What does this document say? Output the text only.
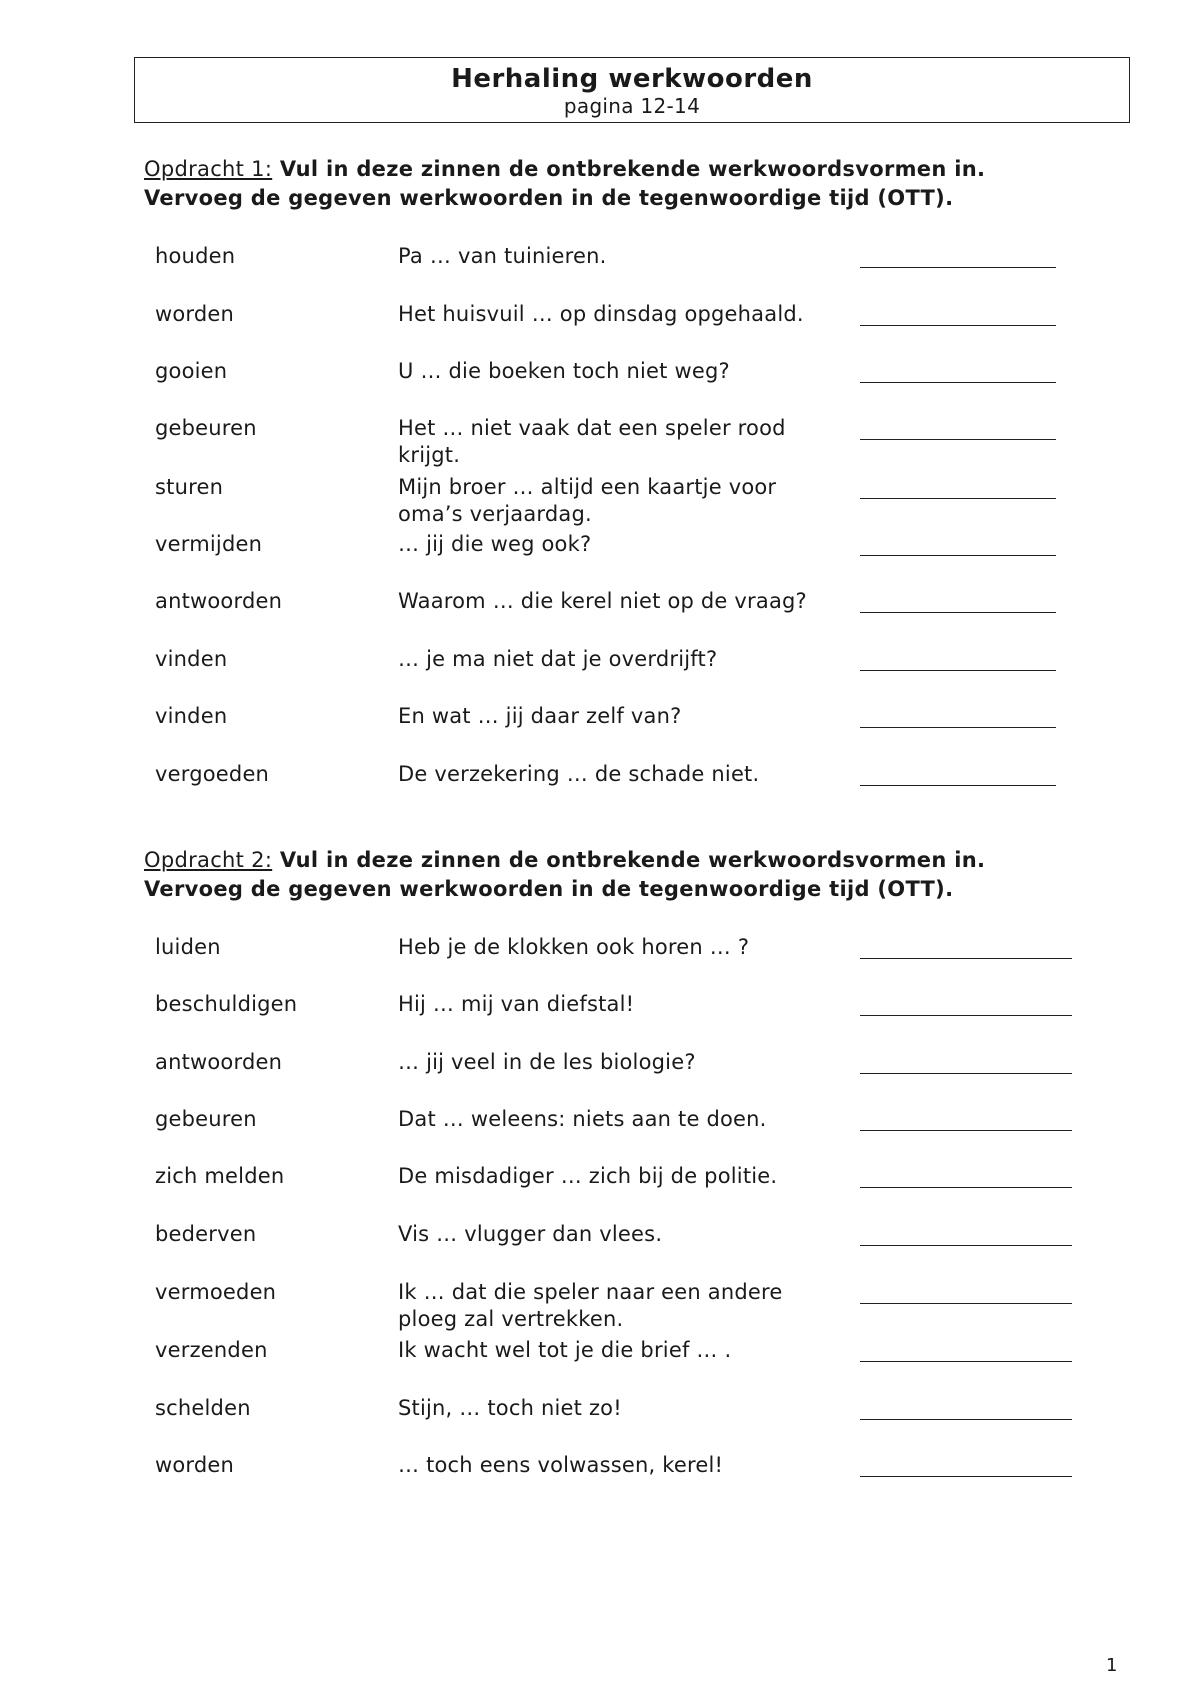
Herhaling werkwoorden
pagina 12-14
Opdracht 1: Vul in deze zinnen de ontbrekende werkwoordsvormen in.
Vervoeg de gegeven werkwoorden in de tegenwoordige tijd (OTT).
houden	Pa … van tuinieren.
worden	Het huisvuil … op dinsdag opgehaald.
gooien	U … die boeken toch niet weg?
gebeuren	Het … niet vaak dat een speler rood krijgt.
sturen	Mijn broer … altijd een kaartje voor oma’s verjaardag.
vermijden	… jij die weg ook?
antwoorden	Waarom … die kerel niet op de vraag?
vinden	… je ma niet dat je overdrijft?
vinden	En wat … jij daar zelf van?
vergoeden	De verzekering … de schade niet.
Opdracht 2: Vul in deze zinnen de ontbrekende werkwoordsvormen in.
Vervoeg de gegeven werkwoorden in de tegenwoordige tijd (OTT).
luiden	Heb je de klokken ook horen … ?
beschuldigen	Hij … mij van diefstal!
antwoorden	… jij veel in de les biologie?
gebeuren	Dat … weleens: niets aan te doen.
zich melden	De misdadiger … zich bij de politie.
bederven	Vis … vlugger dan vlees.
vermoeden	Ik … dat die speler naar een andere ploeg zal vertrekken.
verzenden	Ik wacht wel tot je die brief … .
schelden	Stijn, … toch niet zo!
worden	… toch eens volwassen, kerel!
1
